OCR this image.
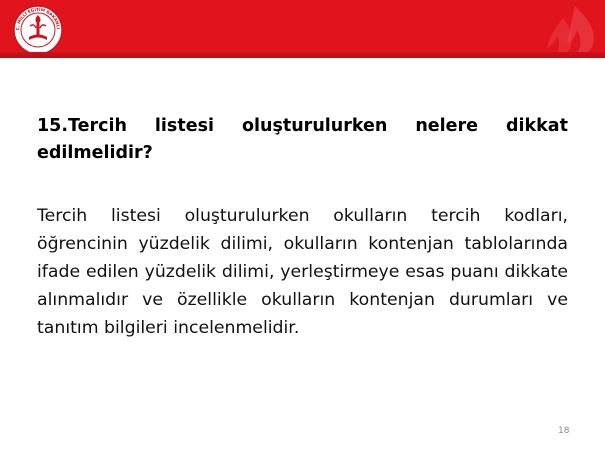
C. MİLLİ EĞİTİM BAKANLI

15.Tercih listesi oluşturulurken nelere dikkat edilmelidir?

Tercih listesi oluşturulurken okulların tercih kodları, öğrencinin yüzdelik dilimi, okulların kontenjan tablolarında ifade edilen yüzdelik dilimi, yerleştirmeye esas puanı dikkate alınmalıdır ve özellikle okulların kontenjan durumları ve tanıtım bilgileri incelenmelidir.

18
